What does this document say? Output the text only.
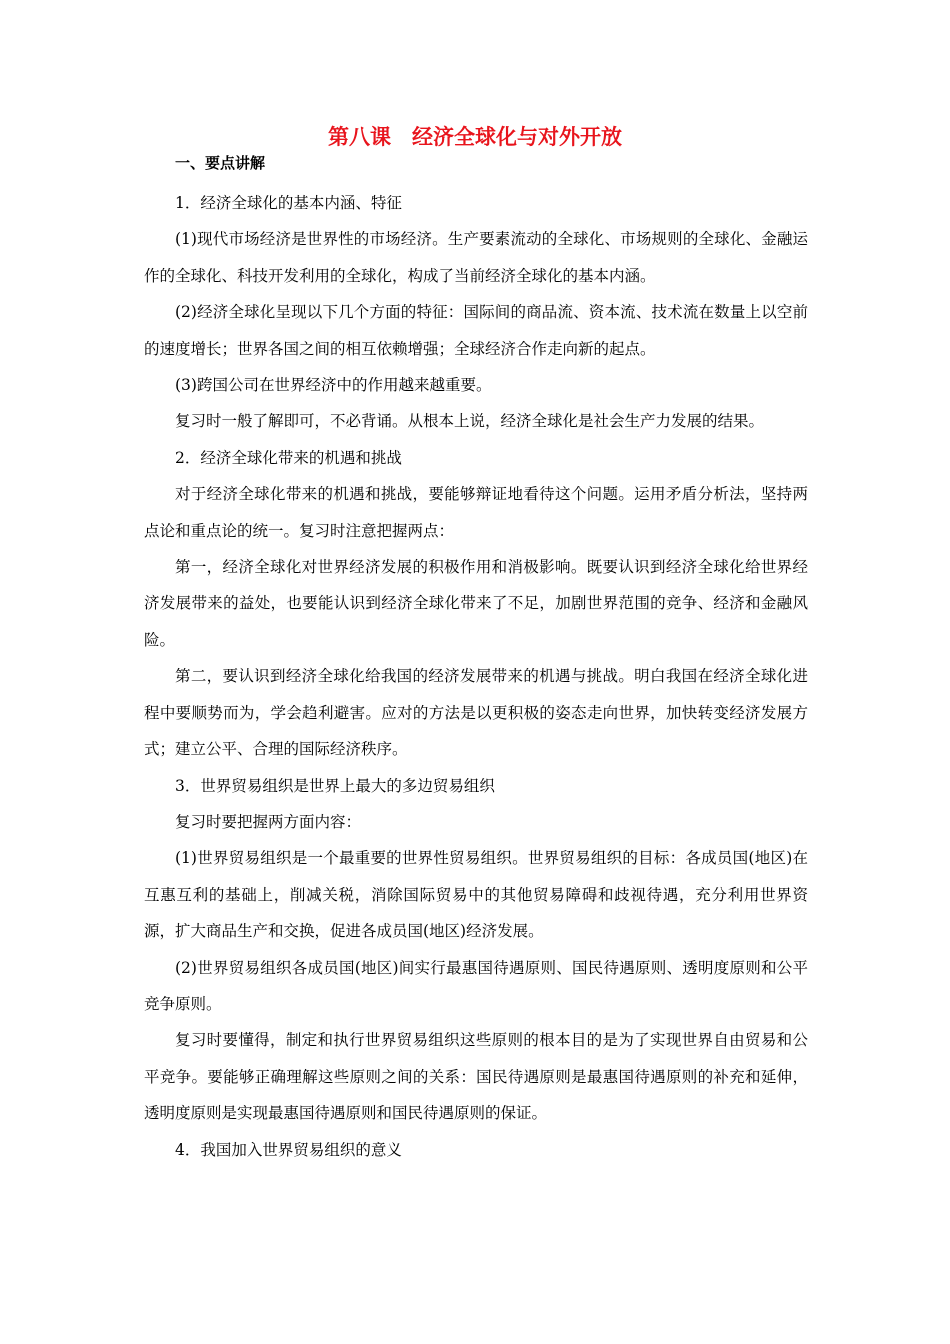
第八课　经济全球化与对外开放
一、要点讲解

1．经济全球化的基本内涵、特征

(1)现代市场经济是世界性的市场经济。生产要素流动的全球化、市场规则的全球化、金融运作的全球化、科技开发利用的全球化，构成了当前经济全球化的基本内涵。

(2)经济全球化呈现以下几个方面的特征：国际间的商品流、资本流、技术流在数量上以空前的速度增长；世界各国之间的相互依赖增强；全球经济合作走向新的起点。

(3)跨国公司在世界经济中的作用越来越重要。

复习时一般了解即可，不必背诵。从根本上说，经济全球化是社会生产力发展的结果。

2．经济全球化带来的机遇和挑战

对于经济全球化带来的机遇和挑战，要能够辩证地看待这个问题。运用矛盾分析法，坚持两点论和重点论的统一。复习时注意把握两点：

第一，经济全球化对世界经济发展的积极作用和消极影响。既要认识到经济全球化给世界经济发展带来的益处，也要能认识到经济全球化带来了不足，加剧世界范围的竞争、经济和金融风险。

第二，要认识到经济全球化给我国的经济发展带来的机遇与挑战。明白我国在经济全球化进程中要顺势而为，学会趋利避害。应对的方法是以更积极的姿态走向世界，加快转变经济发展方式；建立公平、合理的国际经济秩序。

3．世界贸易组织是世界上最大的多边贸易组织

复习时要把握两方面内容：

(1)世界贸易组织是一个最重要的世界性贸易组织。世界贸易组织的目标：各成员国(地区)在互惠互利的基础上，削减关税，消除国际贸易中的其他贸易障碍和歧视待遇，充分利用世界资源，扩大商品生产和交换，促进各成员国(地区)经济发展。

(2)世界贸易组织各成员国(地区)间实行最惠国待遇原则、国民待遇原则、透明度原则和公平竞争原则。

复习时要懂得，制定和执行世界贸易组织这些原则的根本目的是为了实现世界自由贸易和公平竞争。要能够正确理解这些原则之间的关系：国民待遇原则是最惠国待遇原则的补充和延伸，透明度原则是实现最惠国待遇原则和国民待遇原则的保证。

4．我国加入世界贸易组织的意义
